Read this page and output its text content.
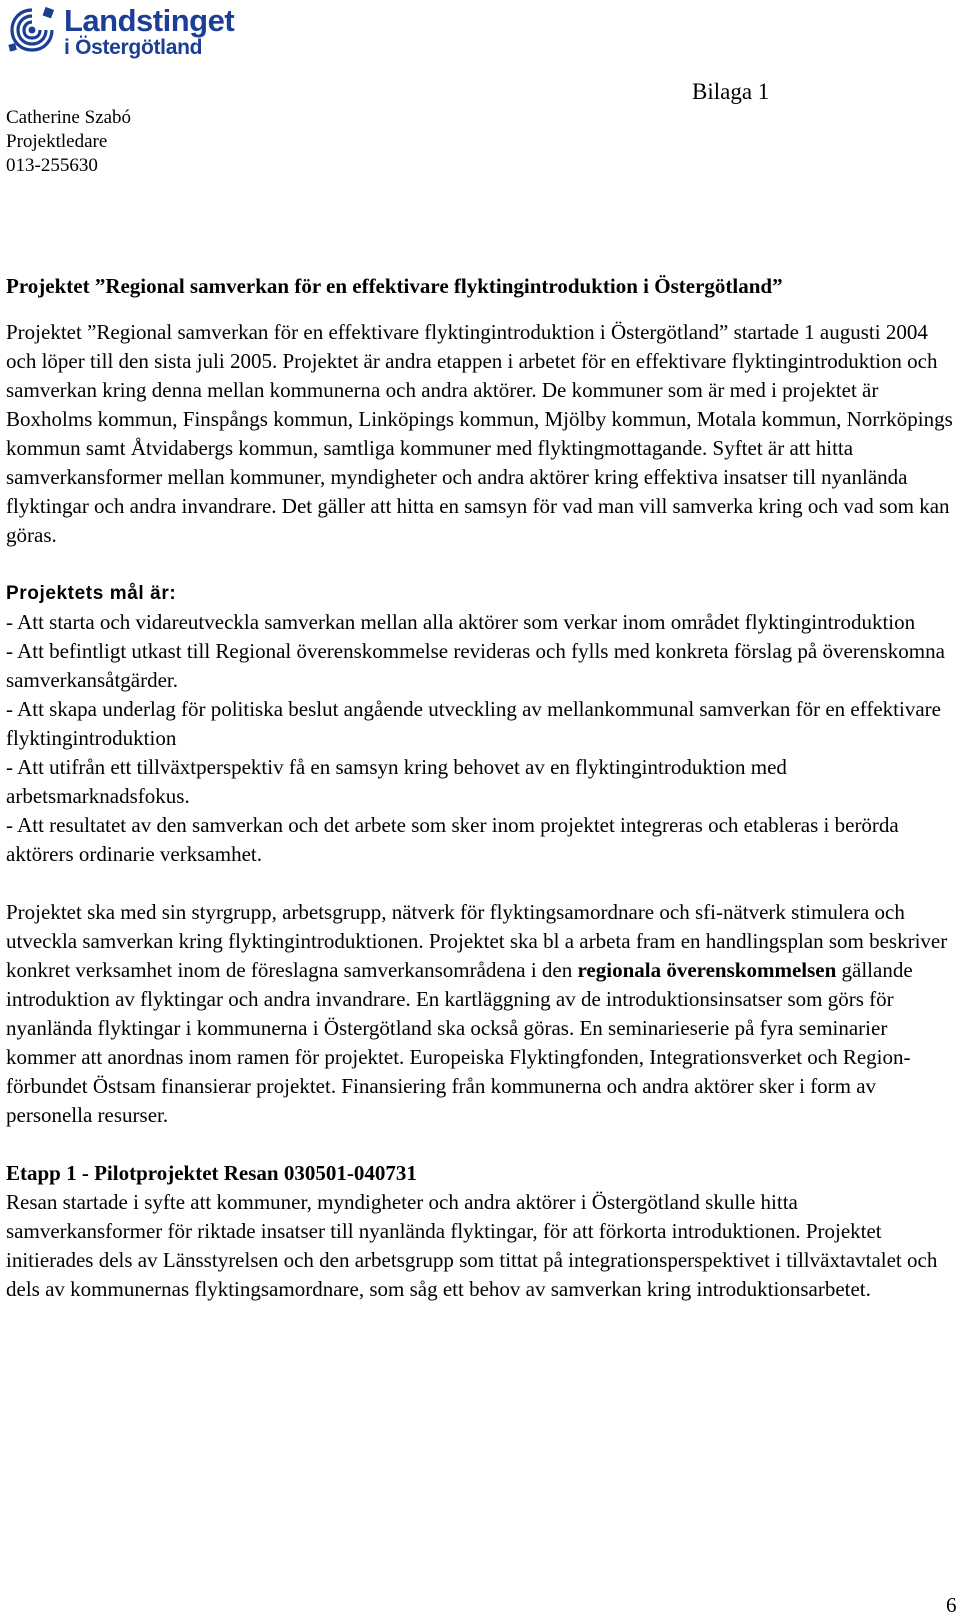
Landstinget
i Östergötland
Bilaga 1
Catherine Szabó
Projektledare
013-255630
Projektet ”Regional samverkan för en effektivare flyktingintroduktion i Östergötland”

Projektet ”Regional samverkan för en effektivare flyktingintroduktion i Östergötland” startade 1 augusti 2004 och löper till den sista juli 2005. Projektet är andra etappen i arbetet för en effektivare flyktingintroduktion och samverkan kring denna mellan kommunerna och andra aktörer. De kommuner som är med i projektet är Boxholms kommun, Finspångs kommun, Linköpings kommun, Mjölby kommun, Motala kommun, Norrköpings kommun samt Åtvidabergs kommun, samtliga kommuner med flyktingmottagande. Syftet är att hitta samverkansformer mellan kommuner, myndigheter och andra aktörer kring effektiva insatser till nyanlända flyktingar och andra invandrare. Det gäller att hitta en samsyn för vad man vill samverka kring och vad som kan göras.

Projektets mål är:

- Att starta och vidareutveckla samverkan mellan alla aktörer som verkar inom området flyktingintroduktion

- Att befintligt utkast till Regional överenskommelse revideras och fylls med konkreta förslag på överenskomna samverkansåtgärder.

- Att skapa underlag för politiska beslut angående utveckling av mellankommunal samverkan för en effektivare flyktingintroduktion

- Att utifrån ett tillväxtperspektiv få en samsyn kring behovet av en flyktingintroduktion med arbetsmarknadsfokus.

- Att resultatet av den samverkan och det arbete som sker inom projektet integreras och etableras i berörda aktörers ordinarie verksamhet.

Projektet ska med sin styrgrupp, arbetsgrupp, nätverk för flyktingsamordnare och sfi-nätverk stimulera och utveckla samverkan kring flyktingintroduktionen. Projektet ska bl a arbeta fram en handlingsplan som beskriver konkret verksamhet inom de föreslagna samverkansområdena i den regionala överenskommelsen gällande introduktion av flyktingar och andra invandrare. En kartläggning av de introduktionsinsatser som görs för nyanlända flyktingar i kommunerna i Östergötland ska också göras. En seminarieserie på fyra seminarier kommer att anordnas inom ramen för projektet. Europeiska Flyktingfonden, Integrationsverket och Region-förbundet Östsam finansierar projektet. Finansiering från kommunerna och andra aktörer sker i form av personella resurser.

Etapp 1 - Pilotprojektet Resan 030501-040731

Resan startade i syfte att kommuner, myndigheter och andra aktörer i Östergötland skulle hitta samverkansformer för riktade insatser till nyanlända flyktingar, för att förkorta introduktionen. Projektet initierades dels av Länsstyrelsen och den arbetsgrupp som tittat på integrationsperspektivet i tillväxtavtalet och dels av kommunernas flyktingsamordnare, som såg ett behov av samverkan kring introduktionsarbetet.

6
